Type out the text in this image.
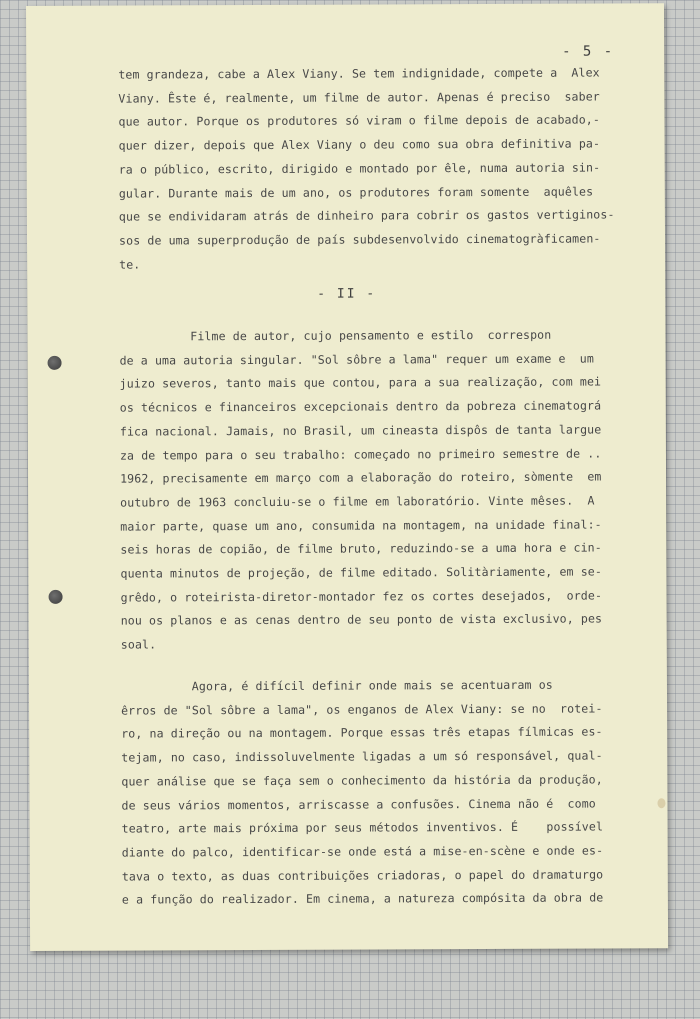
- 5 -
tem grandeza, cabe a Alex Viany. Se tem indignidade, compete a  Alex
Viany. Êste é, realmente, um filme de autor. Apenas é preciso  saber
que autor. Porque os produtores só viram o filme depois de acabado,-
quer dizer, depois que Alex Viany o deu como sua obra definitiva pa-
ra o público, escrito, dirigido e montado por êle, numa autoria sin-
gular. Durante mais de um ano, os produtores foram somente  aquêles
que se endividaram atrás de dinheiro para cobrir os gastos vertiginos-
sos de uma superprodução de país subdesenvolvido cinematogràficamen-
te.
- II -
Filme de autor, cujo pensamento e estilo  correspon
de a uma autoria singular. "Sol sôbre a lama" requer um exame e  um
juizo severos, tanto mais que contou, para a sua realização, com mei
os técnicos e financeiros excepcionais dentro da pobreza cinematográ
fica nacional. Jamais, no Brasil, um cineasta dispôs de tanta largue
za de tempo para o seu trabalho: começado no primeiro semestre de ..
1962, precisamente em março com a elaboração do roteiro, sòmente  em
outubro de 1963 concluiu-se o filme em laboratório. Vinte mêses.  A
maior parte, quase um ano, consumida na montagem, na unidade final:-
seis horas de copião, de filme bruto, reduzindo-se a uma hora e cin-
quenta minutos de projeção, de filme editado. Solitàriamente, em se-
grêdo, o roteirista-diretor-montador fez os cortes desejados,  orde-
nou os planos e as cenas dentro de seu ponto de vista exclusivo, pes
soal.
Agora, é difícil definir onde mais se acentuaram os
êrros de "Sol sôbre a lama", os enganos de Alex Viany: se no  rotei-
ro, na direção ou na montagem. Porque essas três etapas fílmicas es-
tejam, no caso, indissoluvelmente ligadas a um só responsável, qual-
quer análise que se faça sem o conhecimento da história da produção,
de seus vários momentos, arriscasse a confusões. Cinema não é  como
teatro, arte mais próxima por seus métodos inventivos. É    possível
diante do palco, identificar-se onde está a mise-en-scène e onde es-
tava o texto, as duas contribuições criadoras, o papel do dramaturgo
e a função do realizador. Em cinema, a natureza compósita da obra de
